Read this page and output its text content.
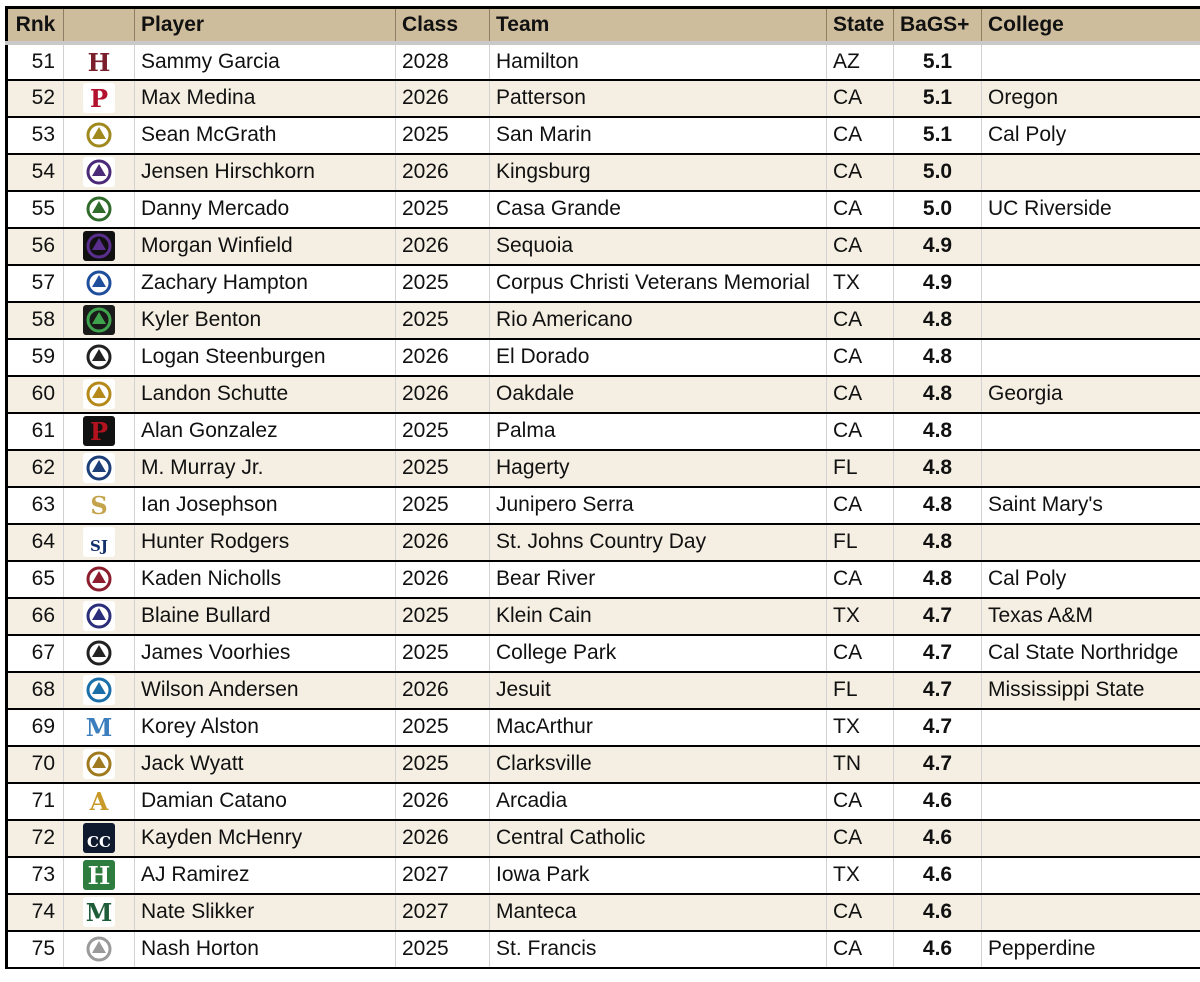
Rnk		Player	Class	Team	State	BaGS+	College
51	H	Sammy Garcia	2028	Hamilton	AZ	5.1	
52	P	Max Medina	2026	Patterson	CA	5.1	Oregon
53		Sean McGrath	2025	San Marin	CA	5.1	Cal Poly
54		Jensen Hirschkorn	2026	Kingsburg	CA	5.0	
55		Danny Mercado	2025	Casa Grande	CA	5.0	UC Riverside
56		Morgan Winfield	2026	Sequoia	CA	4.9	
57		Zachary Hampton	2025	Corpus Christi Veterans Memorial	TX	4.9	
58		Kyler Benton	2025	Rio Americano	CA	4.8	
59		Logan Steenburgen	2026	El Dorado	CA	4.8	
60		Landon Schutte	2026	Oakdale	CA	4.8	Georgia
61	P	Alan Gonzalez	2025	Palma	CA	4.8	
62		M. Murray Jr.	2025	Hagerty	FL	4.8	
63	S	Ian Josephson	2025	Junipero Serra	CA	4.8	Saint Mary's
64	SJ	Hunter Rodgers	2026	St. Johns Country Day	FL	4.8	
65		Kaden Nicholls	2026	Bear River	CA	4.8	Cal Poly
66		Blaine Bullard	2025	Klein Cain	TX	4.7	Texas A&M
67		James Voorhies	2025	College Park	CA	4.7	Cal State Northridge
68		Wilson Andersen	2026	Jesuit	FL	4.7	Mississippi State
69	M	Korey Alston	2025	MacArthur	TX	4.7	
70		Jack Wyatt	2025	Clarksville	TN	4.7	
71	A	Damian Catano	2026	Arcadia	CA	4.6	
72	CC	Kayden McHenry	2026	Central Catholic	CA	4.6	
73	H	AJ Ramirez	2027	Iowa Park	TX	4.6	
74	M	Nate Slikker	2027	Manteca	CA	4.6	
75		Nash Horton	2025	St. Francis	CA	4.6	Pepperdine
